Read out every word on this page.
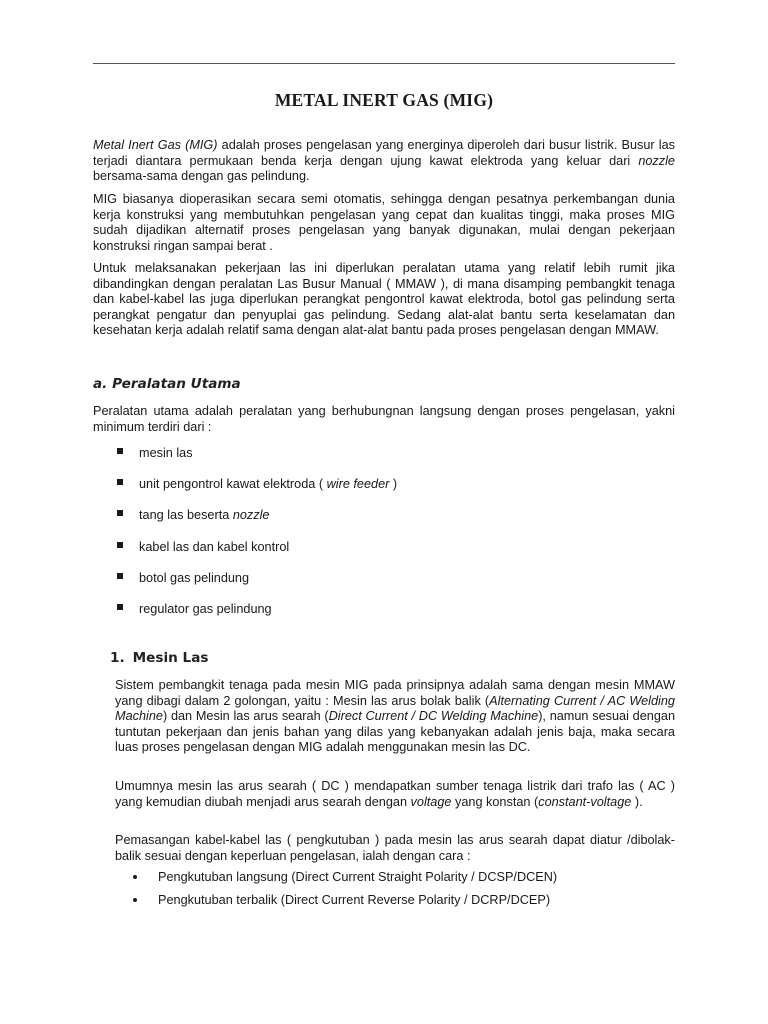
METAL INERT GAS (MIG)

Metal Inert Gas (MIG) adalah proses pengelasan yang energinya diperoleh dari busur listrik. Busur las terjadi diantara permukaan benda kerja dengan ujung kawat elektroda yang keluar dari nozzle bersama-sama dengan gas pelindung.

MIG biasanya dioperasikan secara semi otomatis, sehingga dengan pesatnya perkembangan dunia kerja konstruksi yang membutuhkan pengelasan yang cepat dan kualitas tinggi, maka proses MIG sudah dijadikan alternatif proses pengelasan yang banyak digunakan, mulai dengan pekerjaan konstruksi ringan sampai berat .

Untuk melaksanakan pekerjaan las ini diperlukan peralatan utama yang relatif lebih rumit jika dibandingkan dengan peralatan Las Busur Manual ( MMAW ), di mana disamping pembangkit tenaga dan kabel-kabel las juga diperlukan perangkat pengontrol kawat elektroda, botol gas pelindung serta perangkat pengatur dan penyuplai gas pelindung. Sedang alat-alat bantu serta keselamatan dan kesehatan kerja adalah relatif sama dengan alat-alat bantu pada proses pengelasan dengan MMAW.

a. Peralatan Utama

Peralatan utama adalah peralatan yang berhubungnan langsung dengan proses pengelasan, yakni minimum terdiri dari :

mesin las
unit pengontrol kawat elektroda ( wire feeder )
tang las beserta nozzle
kabel las dan kabel kontrol
botol gas pelindung
regulator gas pelindung
1. Mesin Las

Sistem pembangkit tenaga pada mesin MIG pada prinsipnya adalah sama dengan mesin MMAW yang dibagi dalam 2 golongan, yaitu : Mesin las arus bolak balik (Alternating Current / AC Welding Machine) dan Mesin las arus searah (Direct Current / DC Welding Machine), namun sesuai dengan tuntutan pekerjaan dan jenis bahan yang dilas yang kebanyakan adalah jenis baja, maka secara luas proses pengelasan dengan MIG adalah menggunakan mesin las DC.

Umumnya mesin las arus searah ( DC ) mendapatkan sumber tenaga listrik dari trafo las ( AC ) yang kemudian diubah menjadi arus searah dengan voltage yang konstan (constant-voltage ).

Pemasangan kabel-kabel las ( pengkutuban ) pada mesin las arus searah dapat diatur /dibolak-balik sesuai dengan keperluan pengelasan, ialah dengan cara :

Pengkutuban langsung (Direct Current Straight Polarity / DCSP/DCEN)
Pengkutuban terbalik (Direct Current Reverse Polarity / DCRP/DCEP)
